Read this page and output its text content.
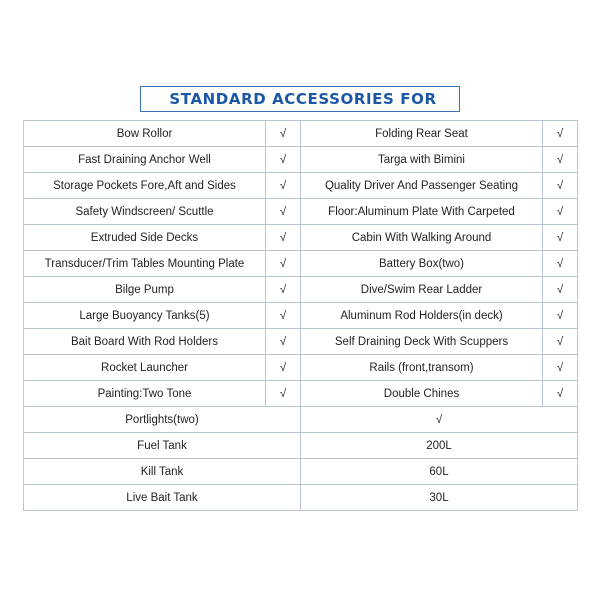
STANDARD ACCESSORIES FOR
Bow Rollor	√	Folding Rear Seat	√
Fast Draining Anchor Well	√	Targa with Bimini	√
Storage Pockets Fore,Aft and Sides	√	Quality Driver And Passenger Seating	√
Safety Windscreen/ Scuttle	√	Floor:Aluminum Plate With Carpeted	√
Extruded Side Decks	√	Cabin With Walking Around	√
Transducer/Trim Tables Mounting Plate	√	Battery Box(two)	√
Bilge Pump	√	Dive/Swim Rear Ladder	√
Large Buoyancy Tanks(5)	√	Aluminum Rod Holders(in deck)	√
Bait Board With Rod Holders	√	Self Draining Deck With Scuppers	√
Rocket Launcher	√	Rails (front,transom)	√
Painting:Two Tone	√	Double Chines	√
Portlights(two)		√	
Fuel Tank		200L	
Kill Tank		60L	
Live Bait Tank		30L	
